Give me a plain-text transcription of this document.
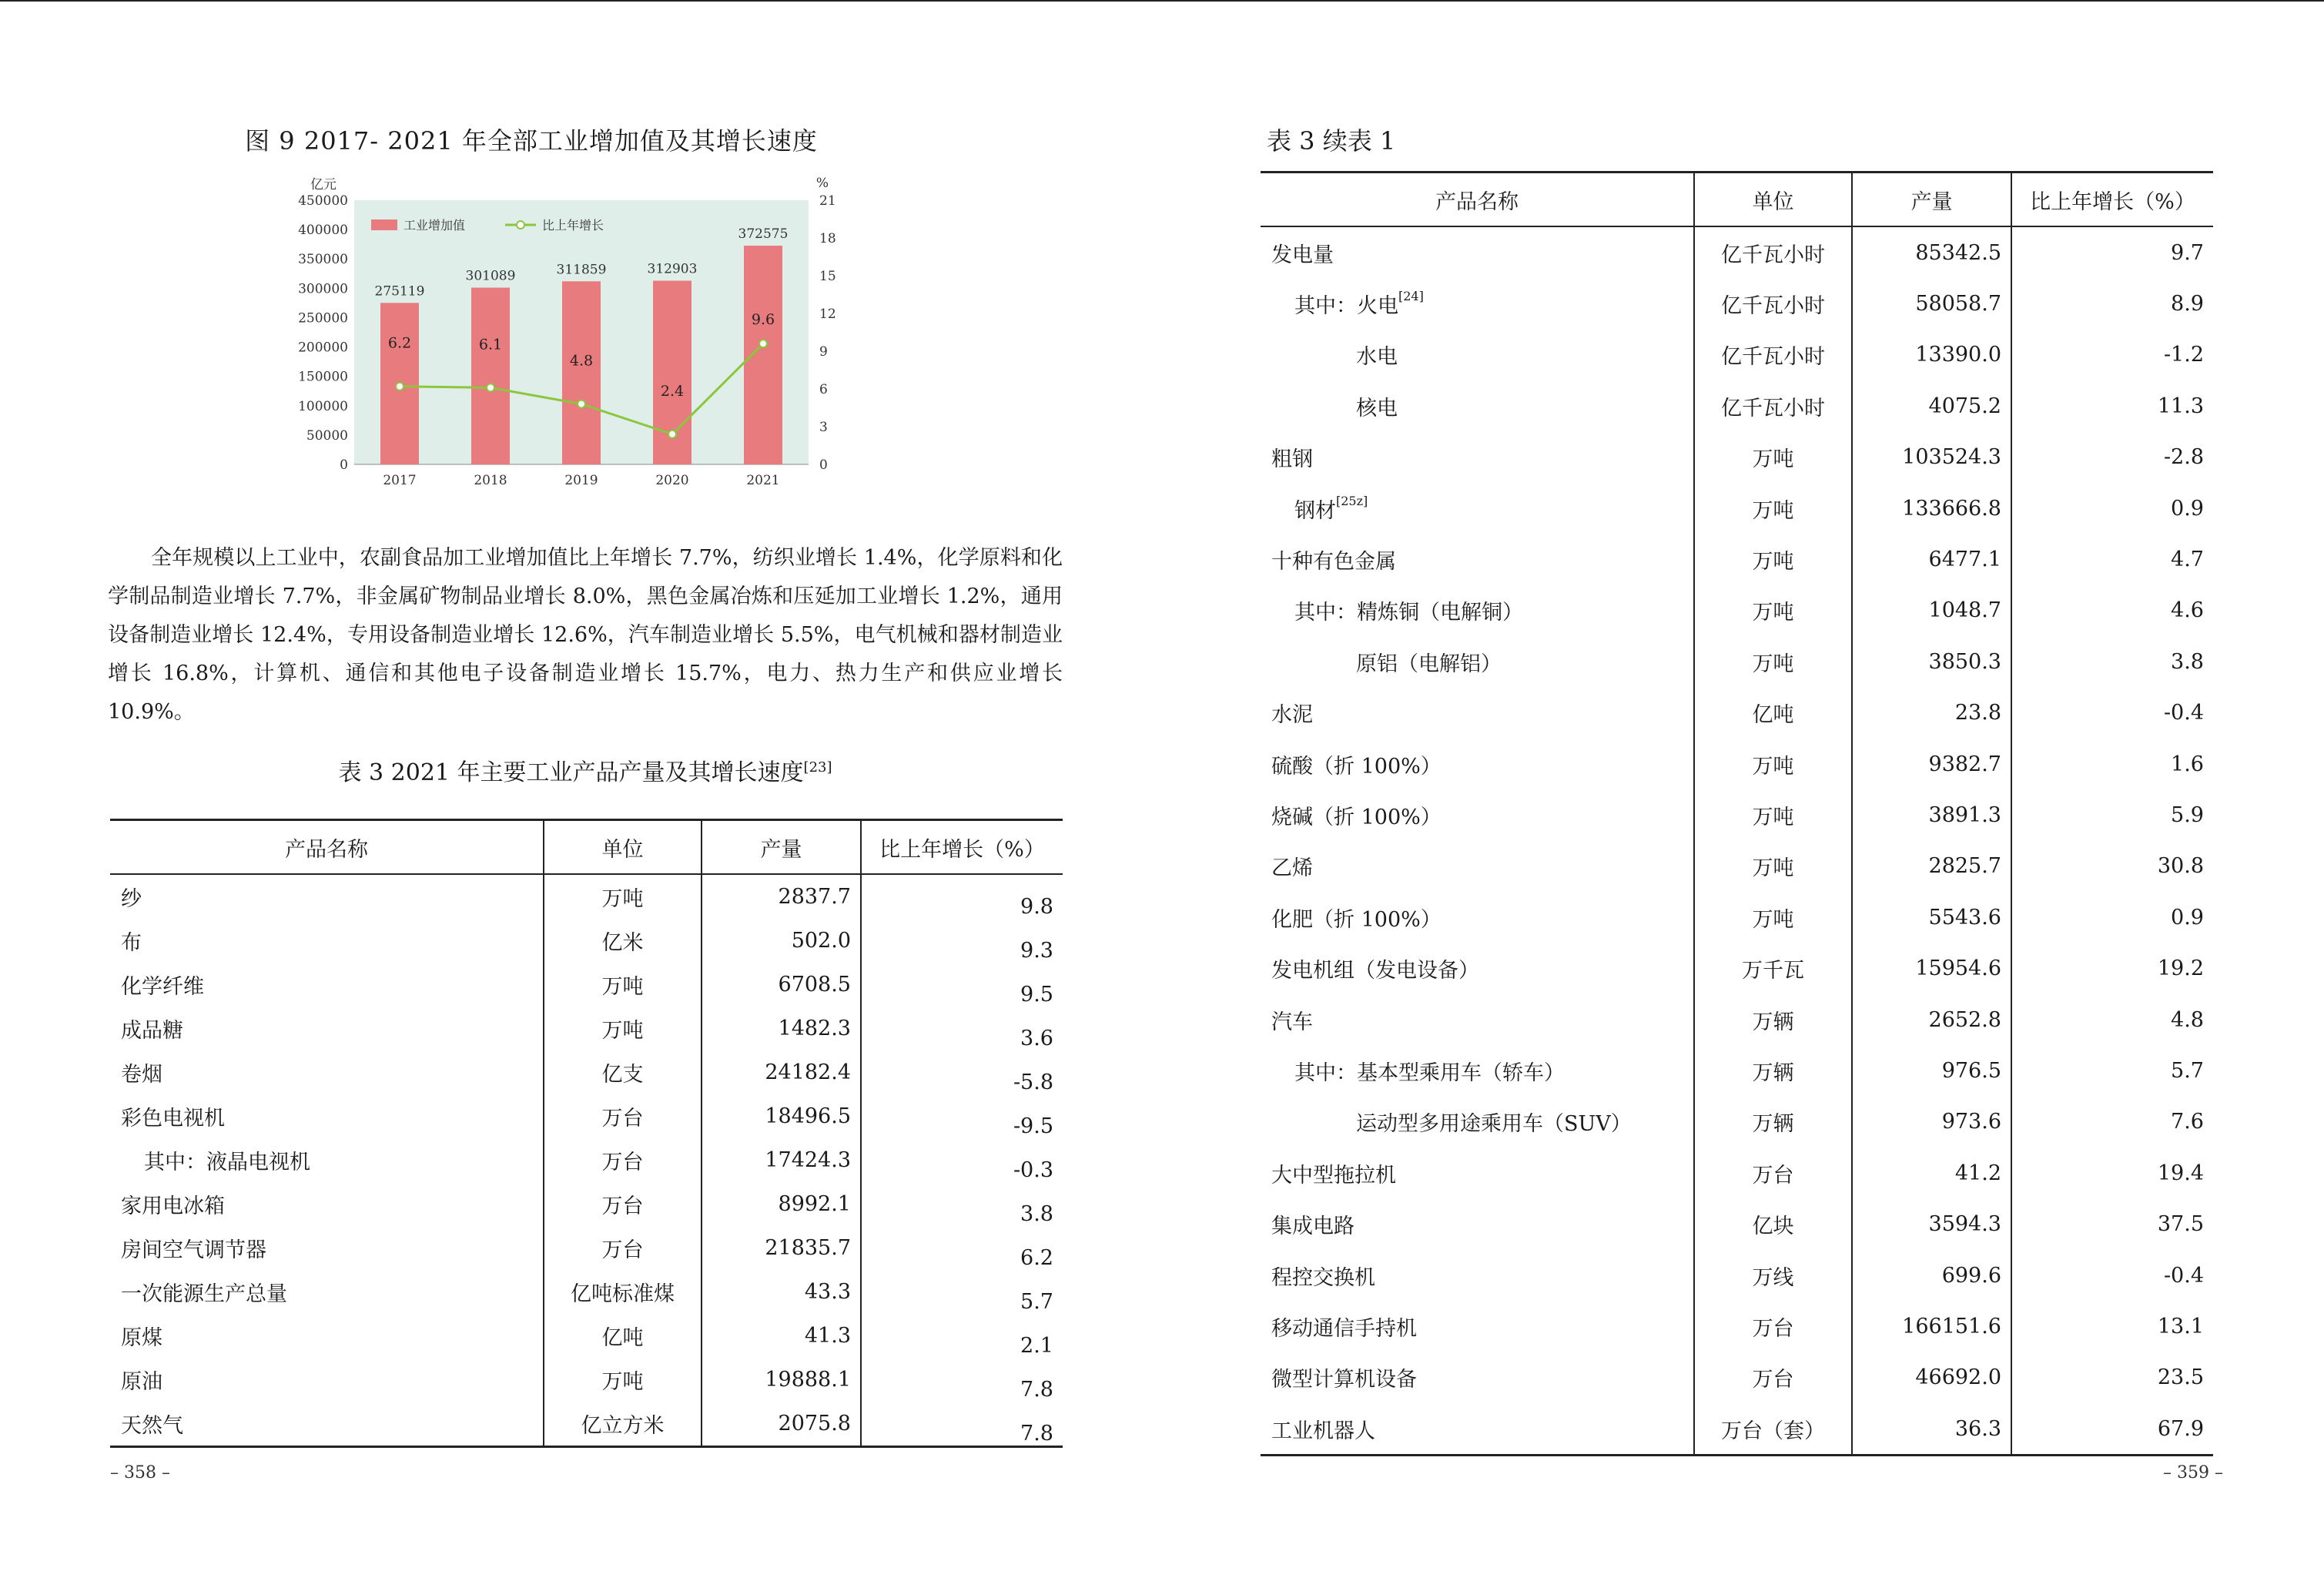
图 9 2017- 2021 年全部工业增加值及其增长速度
0
50000
100000
150000
200000
250000
300000
350000
400000
450000
0
3
6
9
12
15
18
21
亿元	%
275119
2017
301089
2018
311859
2019
312903
2020
372575
2021
6.2	6.1
4.8
2.4
9.6
工业增加值	比上年增长
全年规模以上工业中，农副食品加工业增加值比上年增长 7.7%，纺织业增长 1.4%，化学原料和化学制品制造业增长 7.7%，非金属矿物制品业增长 8.0%，黑色金属冶炼和压延加工业增长 1.2%，通用设备制造业增长 12.4%，专用设备制造业增长 12.6%，汽车制造业增长 5.5%，电气机械和器材制造业增长 16.8%，计算机、通信和其他电子设备制造业增长 15.7%，电力、热力生产和供应业增长 10.9%。
表 3 2021 年主要工业产品产量及其增长速度[23]
产品名称	单位	产量	比上年增长（%）
纱	万吨	2837.7	9.8
布	亿米	502.0	9.3
化学纤维	万吨	6708.5	9.5
成品糖	万吨	1482.3	3.6
卷烟	亿支	24182.4	-5.8
彩色电视机	万台	18496.5	-9.5
其中：液晶电视机	万台	17424.3	-0.3
家用电冰箱	万台	8992.1	3.8
房间空气调节器	万台	21835.7	6.2
一次能源生产总量	亿吨标准煤	43.3	5.7
原煤	亿吨	41.3	2.1
原油	万吨	19888.1	7.8
天然气	亿立方米	2075.8	7.8
– 358 –
表 3 续表 1
产品名称	单位	产量	比上年增长（%）
发电量	亿千瓦小时	85342.5	9.7
其中：火电[24]	亿千瓦小时	58058.7	8.9
水电	亿千瓦小时	13390.0	-1.2
核电	亿千瓦小时	4075.2	11.3
粗钢	万吨	103524.3	-2.8
钢材[25z]	万吨	133666.8	0.9
十种有色金属	万吨	6477.1	4.7
其中：精炼铜（电解铜）	万吨	1048.7	4.6
原铝（电解铝）	万吨	3850.3	3.8
水泥	亿吨	23.8	-0.4
硫酸（折 100%）	万吨	9382.7	1.6
烧碱（折 100%）	万吨	3891.3	5.9
乙烯	万吨	2825.7	30.8
化肥（折 100%）	万吨	5543.6	0.9
发电机组（发电设备）	万千瓦	15954.6	19.2
汽车	万辆	2652.8	4.8
其中：基本型乘用车（轿车）	万辆	976.5	5.7
运动型多用途乘用车（SUV）	万辆	973.6	7.6
大中型拖拉机	万台	41.2	19.4
集成电路	亿块	3594.3	37.5
程控交换机	万线	699.6	-0.4
移动通信手持机	万台	166151.6	13.1
微型计算机设备	万台	46692.0	23.5
工业机器人	万台（套）	36.3	67.9
– 359 –
